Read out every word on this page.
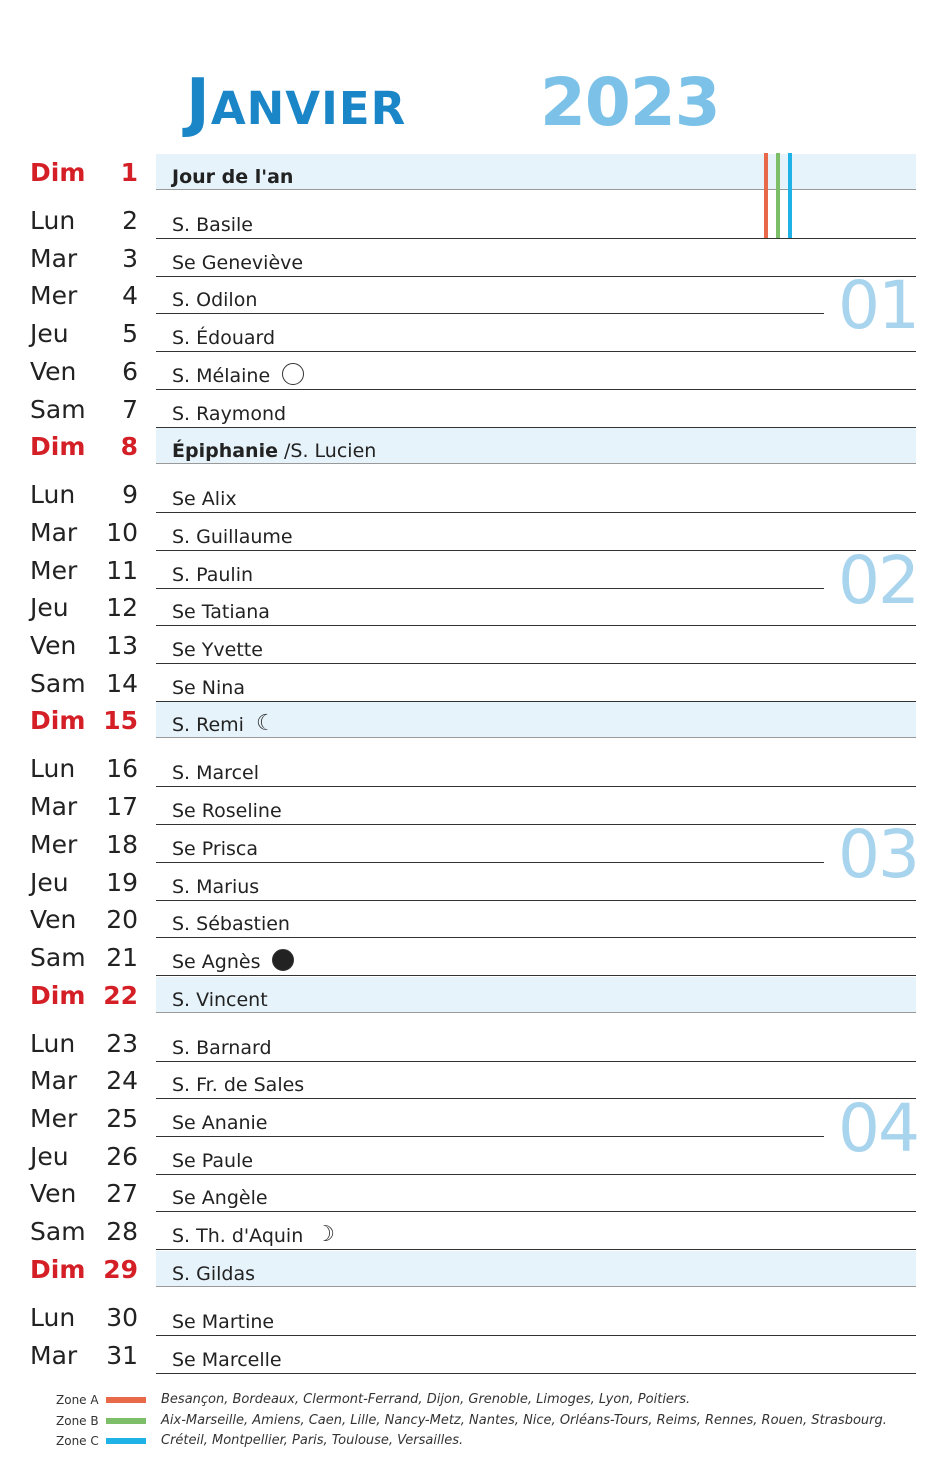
Janvier 2023
Dim	1 Jour de l'an
Lun	2 S. Basile
Mar	3 Se Geneviève
Mer	4 S. Odilon
Jeu	5 S. Édouard
Ven	6 S. Mélaine
Sam	7 S. Raymond
Dim	8 Épiphanie /S. Lucien
Lun	9 Se Alix
Mar	10 S. Guillaume
Mer	11 S. Paulin
Jeu	12 Se Tatiana
Ven	13 Se Yvette
Sam 14 Se Nina
Dim 15 S. Remi☾
Lun	16 S. Marcel
Mar	17 Se Roseline
Mer	18 Se Prisca
Jeu	19 S. Marius
Ven	20 S. Sébastien
Sam 21 Se Agnès
Dim 22 S. Vincent
Lun	23 S. Barnard
Mar	24 S. Fr. de Sales
Mer	25 Se Ananie
Jeu	26 Se Paule
Ven	27 Se Angèle
Sam 28 S. Th. d'Aquin☽
Dim 29 S. Gildas
Lun	30 Se Martine
Mar	31 Se Marcelle
01
02
03
04
Zone A	Besançon, Bordeaux, Clermont-Ferrand, Dijon, Grenoble, Limoges, Lyon, Poitiers.
Zone B	Aix-Marseille, Amiens, Caen, Lille, Nancy-Metz, Nantes, Nice, Orléans-Tours, Reims, Rennes, Rouen, Strasbourg.
Zone C	Créteil, Montpellier, Paris, Toulouse, Versailles.
